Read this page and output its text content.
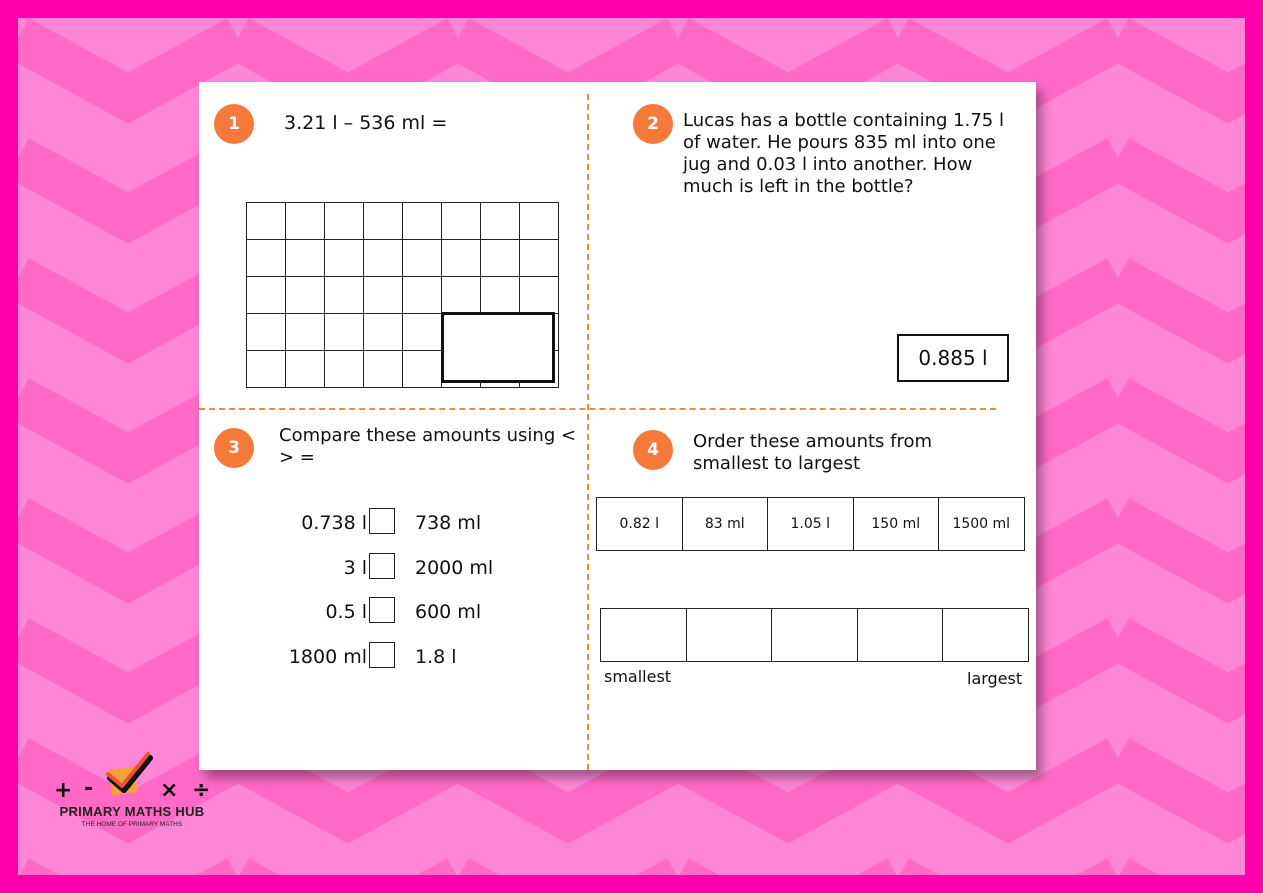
1	3.21 l – 536 ml =	2	Lucas has a bottle containing 1.75 l of water. He pours 835 ml into one jug and 0.03 l into another. How much is left in the bottle?
0.885 l
3
Compare these amounts using < > =
0.738 l	738 ml
3 l	2000 ml
0.5 l	600 ml
1800 ml	1.8 l
4	Order these amounts from smallest to largest
0.82 l	83 ml	1.05 l	150 ml	1500 ml
smallest	largest
+ -	× ÷
PRIMARY MATHS HUB
THE HOME OF PRIMARY MATHS
